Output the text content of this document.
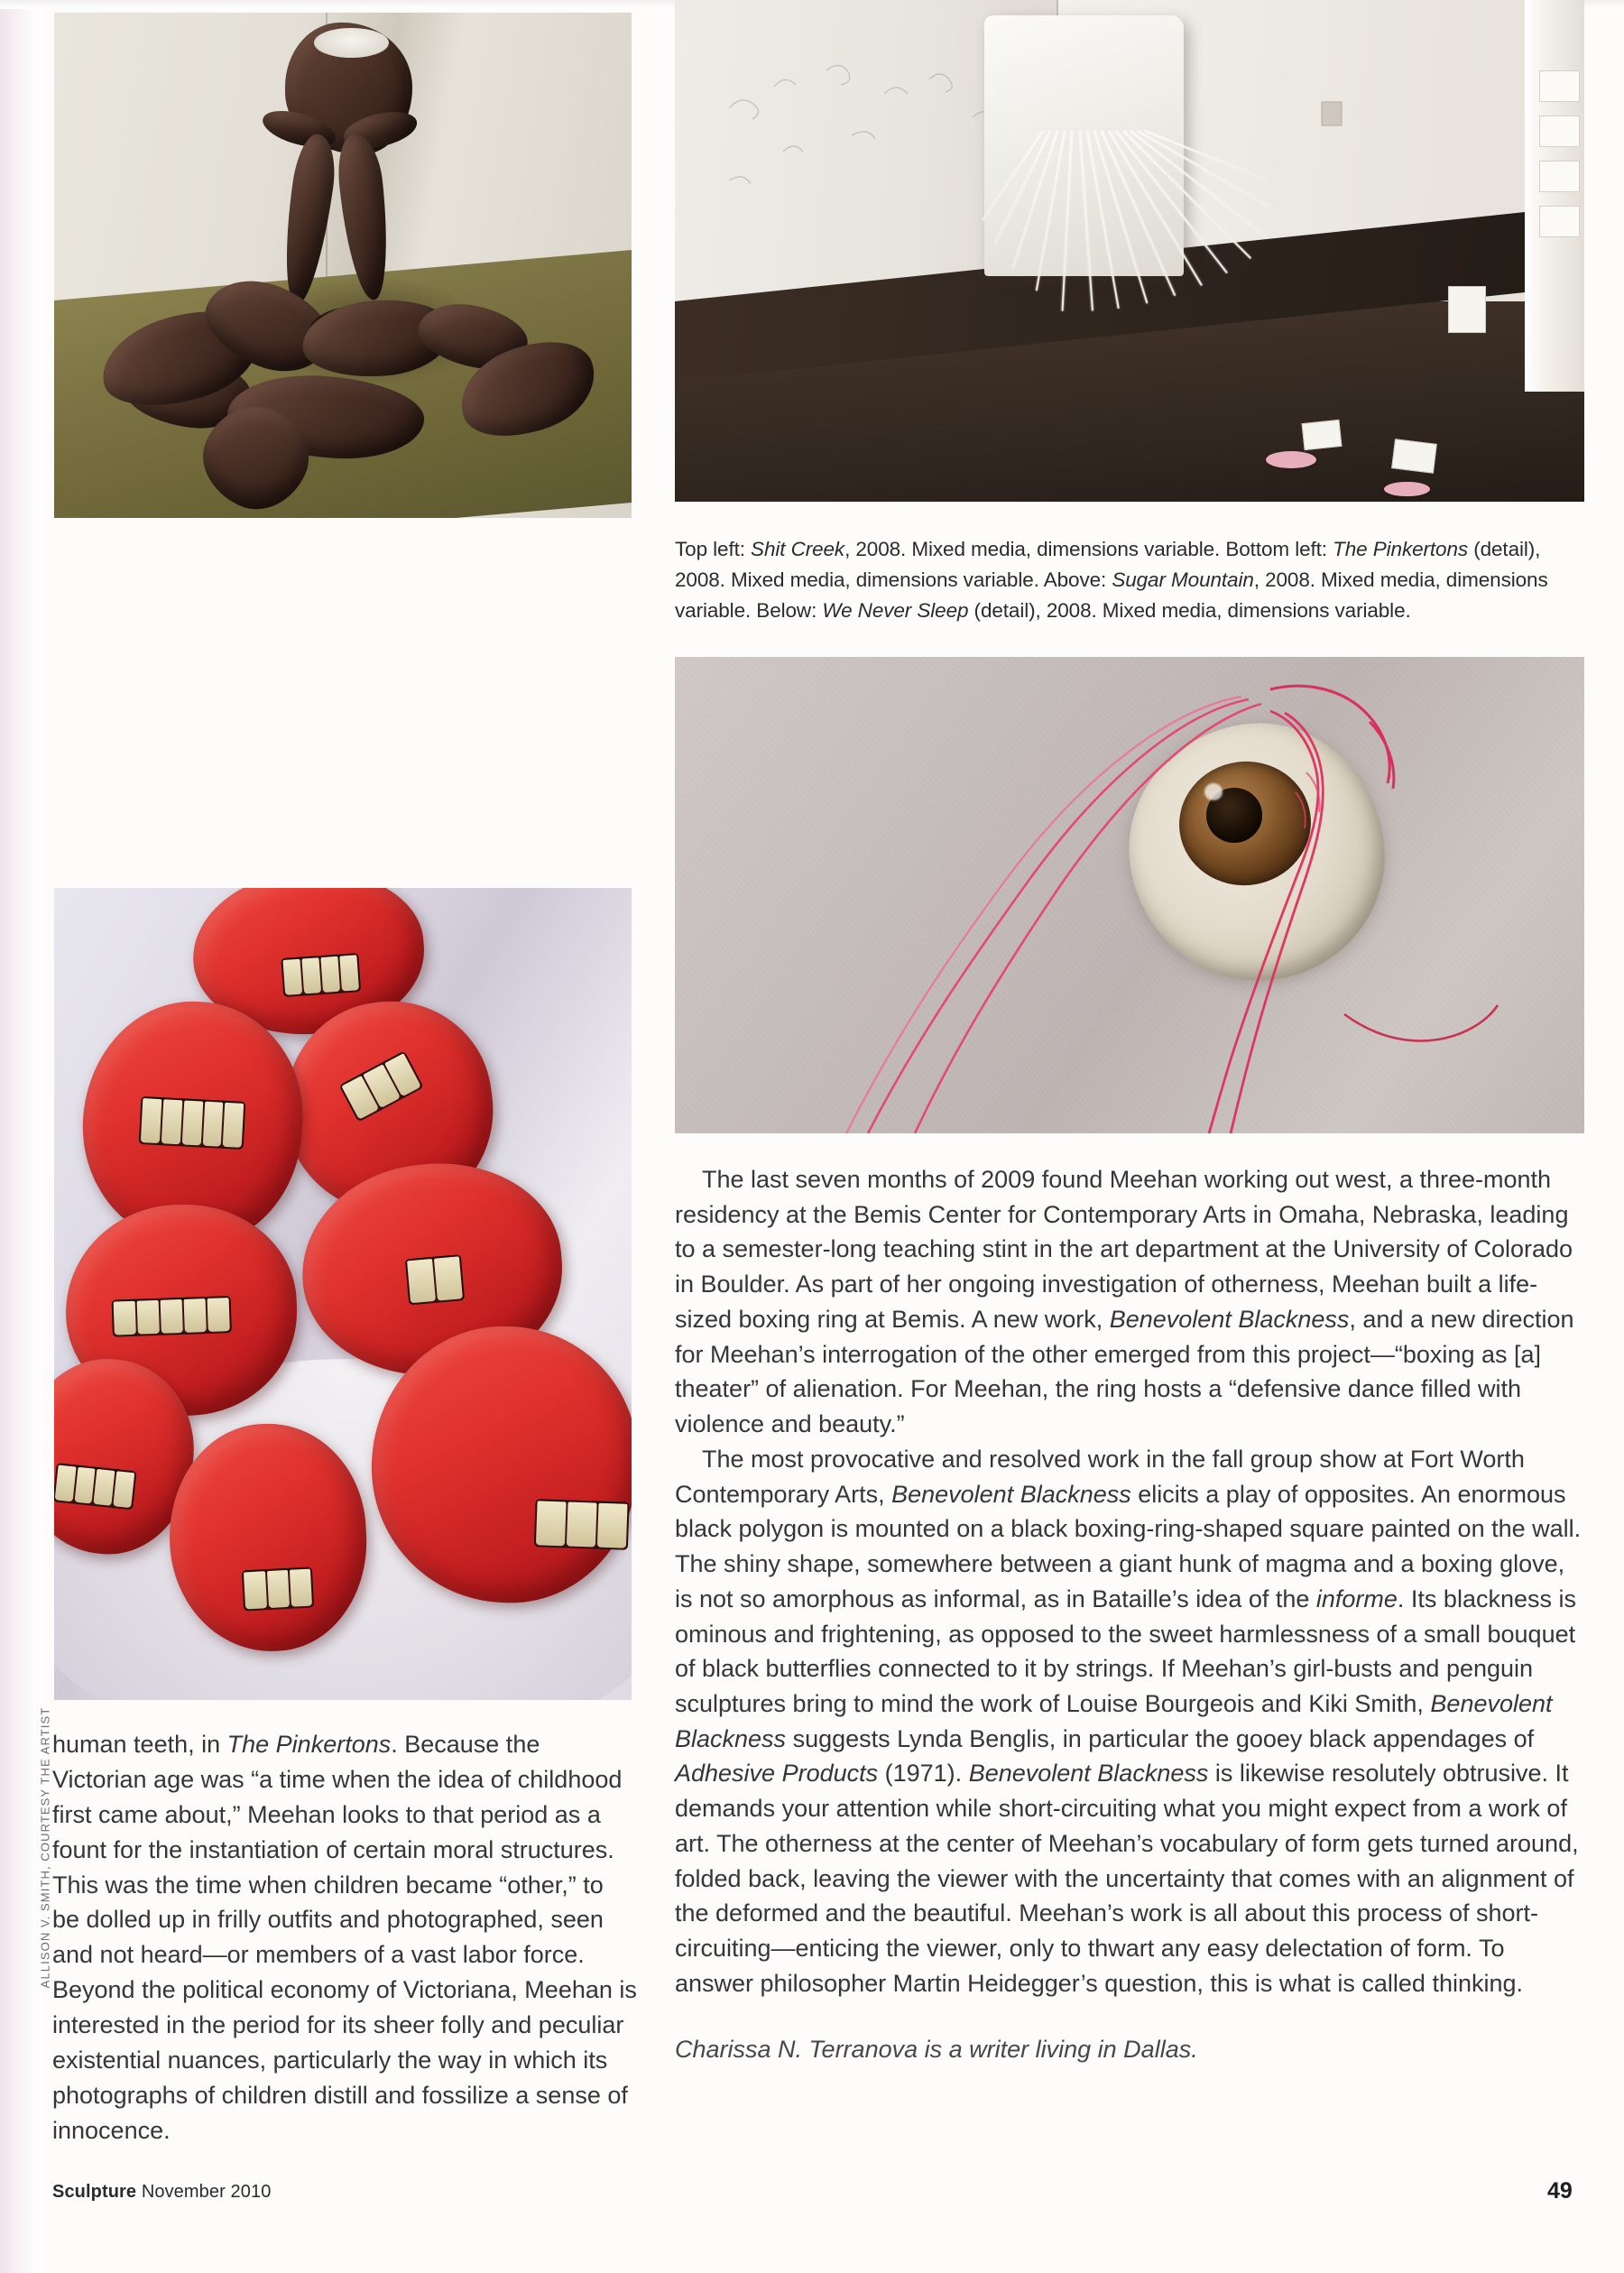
ALLISON V. SMITH, COURTESY THE ARTIST
Top left: Shit Creek, 2008. Mixed media, dimensions variable. Bottom left: The Pinkertons (detail), 2008. Mixed media, dimensions variable. Above: Sugar Mountain, 2008. Mixed media, dimensions variable. Below: We Never Sleep (detail), 2008. Mixed media, dimensions variable.
human teeth, in The Pinkertons. Because the Victorian age was “a time when the idea of childhood first came about,” Meehan looks to that period as a fount for the instantiation of certain moral structures. This was the time when children became “other,” to be dolled up in frilly outfits and photographed, seen and not heard—or members of a vast labor force. Beyond the political economy of Victoriana, Meehan is interested in the period for its sheer folly and peculiar existential nuances, particularly the way in which its photographs of children distill and fossilize a sense of innocence.

The last seven months of 2009 found Meehan working out west, a three-month residency at the Bemis Center for Contemporary Arts in Omaha, Nebraska, leading to a semester-long teaching stint in the art department at the University of Colorado in Boulder. As part of her ongoing investigation of otherness, Meehan built a life-sized boxing ring at Bemis. A new work, Benevolent Blackness, and a new direction for Meehan’s interrogation of the other emerged from this project—“boxing as [a] theater” of alienation. For Meehan, the ring hosts a “defensive dance filled with violence and beauty.”

The most provocative and resolved work in the fall group show at Fort Worth Contemporary Arts, Benevolent Blackness elicits a play of opposites. An enormous black polygon is mounted on a black boxing-ring-shaped square painted on the wall. The shiny shape, somewhere between a giant hunk of magma and a boxing glove, is not so amorphous as informal, as in Bataille’s idea of the informe. Its blackness is ominous and frightening, as opposed to the sweet harmlessness of a small bouquet of black butterflies connected to it by strings. If Meehan’s girl-busts and penguin sculptures bring to mind the work of Louise Bourgeois and Kiki Smith, Benevolent Blackness suggests Lynda Benglis, in particular the gooey black appendages of Adhesive Products (1971). Benevolent Blackness is likewise resolutely obtrusive. It demands your attention while short-circuiting what you might expect from a work of art. The otherness at the center of Meehan’s vocabulary of form gets turned around, folded back, leaving the viewer with the uncertainty that comes with an alignment of the deformed and the beautiful. Meehan’s work is all about this process of short-circuiting—enticing the viewer, only to thwart any easy delectation of form. To answer philosopher Martin Heidegger’s question, this is what is called thinking.

Charissa N. Terranova is a writer living in Dallas.

Sculpture November 2010	49
